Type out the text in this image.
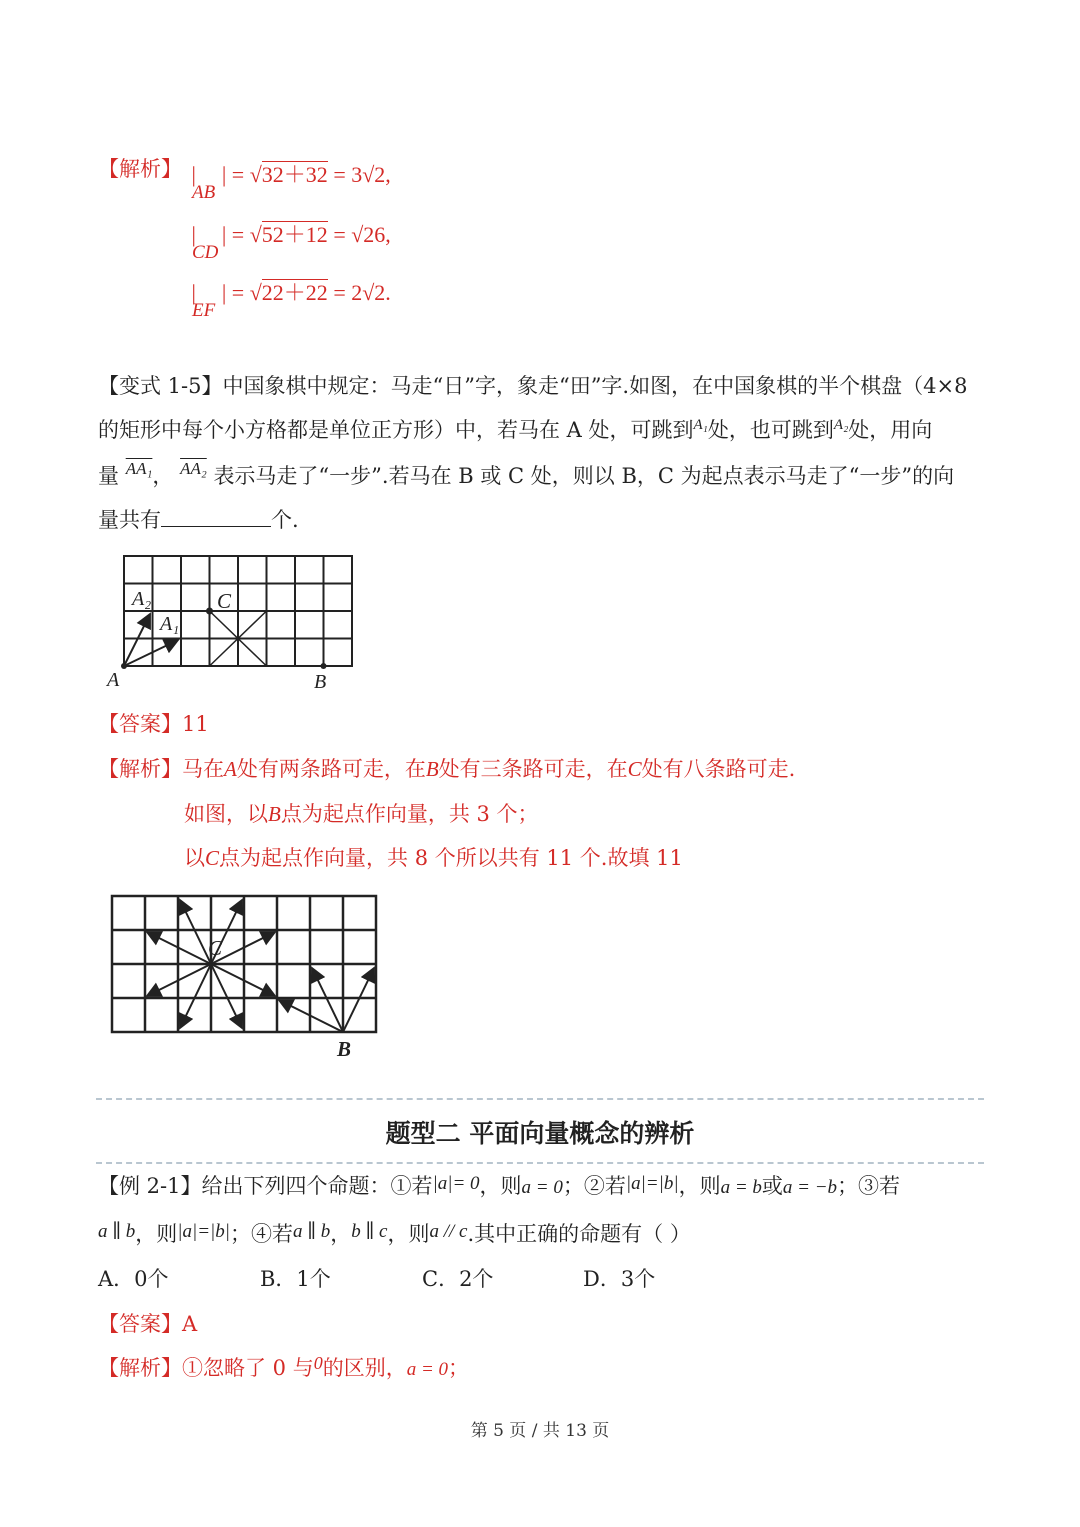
【解析】
AB
| | = √32＋32 = 3√2,
CD
| | = √52＋12 = √26,
EF
| | = √22＋22 = 2√2.
【变式 1-5】中国象棋中规定：马走“日”字，象走“田”字.如图，在中国象棋的半个棋盘（4×8
的矩形中每个小方格都是单位正方形）中，若马在 A 处，可跳到$^{A_1}$处，也可跳到$^{A_2}$处，用向
量 $^{AA_1}$， $^{AA_2}$ 表示马走了“一步”.若马在 B 或 C 处，则以 B，C 为起点表示马走了“一步”的向
量共有	个.
A₂
A₁
C
A	B
【答案】11
【解析】马在A处有两条路可走，在B处有三条路可走，在C处有八条路可走.
如图，以B点为起点作向量，共 3 个；
以C点为起点作向量，共 8 个所以共有 11 个.故填 11
C
B
题型二 平面向量概念的辨析
【例 2-1】给出下列四个命题：①若|a|= 0，则a = 0；②若|a|=|b|，则a = b或a = −b；③若
a ∥ b，则|a|=|b|；④若a ∥ b，b ∥ c，则a // c.其中正确的命题有（ ）
A．0个	B．1个	C．2个	D．3个
【答案】A
【解析】①忽略了 0 与0的区别，a = 0；
第 5 页 / 共 13 页
